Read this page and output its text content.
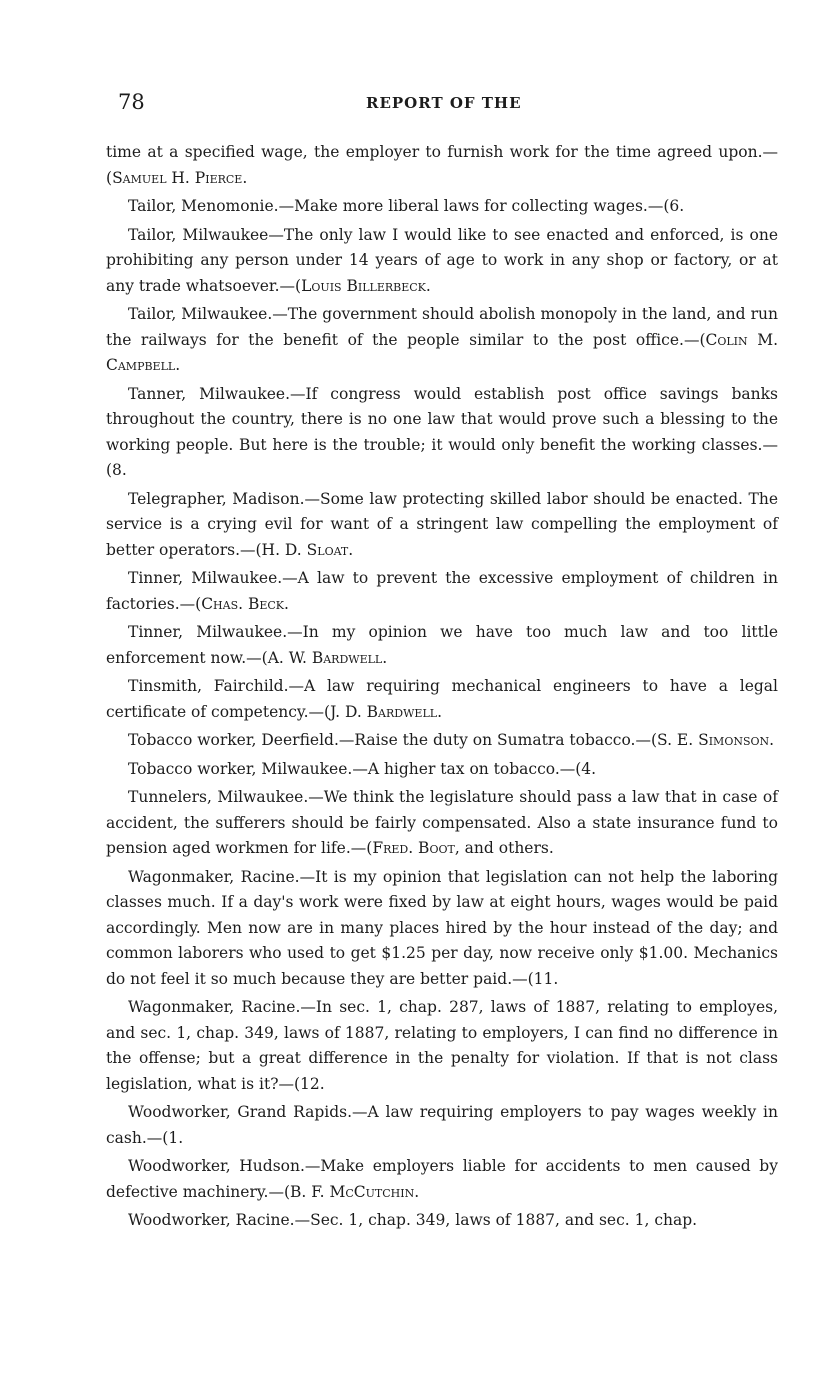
78	REPORT OF THE

time at a specified wage, the employer to furnish work for the time agreed upon.—(Samuel H. Pierce.

Tailor, Menomonie.—Make more liberal laws for collecting wages.—(6.

Tailor, Milwaukee—The only law I would like to see enacted and enforced, is one prohibiting any person under 14 years of age to work in any shop or factory, or at any trade whatsoever.—(Louis Billerbeck.

Tailor, Milwaukee.—The government should abolish monopoly in the land, and run the railways for the benefit of the people similar to the post office.—(Colin M. Campbell.

Tanner, Milwaukee.—If congress would establish post office savings banks throughout the country, there is no one law that would prove such a blessing to the working people. But here is the trouble; it would only benefit the working classes.—(8.

Telegrapher, Madison.—Some law protecting skilled labor should be enacted. The service is a crying evil for want of a stringent law compelling the employment of better operators.—(H. D. Sloat.

Tinner, Milwaukee.—A law to prevent the excessive employment of children in factories.—(Chas. Beck.

Tinner, Milwaukee.—In my opinion we have too much law and too little enforcement now.—(A. W. Bardwell.

Tinsmith, Fairchild.—A law requiring mechanical engineers to have a legal certificate of competency.—(J. D. Bardwell.

Tobacco worker, Deerfield.—Raise the duty on Sumatra tobacco.—(S. E. Simonson.

Tobacco worker, Milwaukee.—A higher tax on tobacco.—(4.

Tunnelers, Milwaukee.—We think the legislature should pass a law that in case of accident, the sufferers should be fairly compensated. Also a state insurance fund to pension aged workmen for life.—(Fred. Boot, and others.

Wagonmaker, Racine.—It is my opinion that legislation can not help the laboring classes much. If a day's work were fixed by law at eight hours, wages would be paid accordingly. Men now are in many places hired by the hour instead of the day; and common laborers who used to get $1.25 per day, now receive only $1.00. Mechanics do not feel it so much because they are better paid.—(11.

Wagonmaker, Racine.—In sec. 1, chap. 287, laws of 1887, relating to employes, and sec. 1, chap. 349, laws of 1887, relating to employers, I can find no difference in the offense; but a great difference in the penalty for violation. If that is not class legislation, what is it?—(12.

Woodworker, Grand Rapids.—A law requiring employers to pay wages weekly in cash.—(1.

Woodworker, Hudson.—Make employers liable for accidents to men caused by defective machinery.—(B. F. McCutchin.

Woodworker, Racine.—Sec. 1, chap. 349, laws of 1887, and sec. 1, chap.
